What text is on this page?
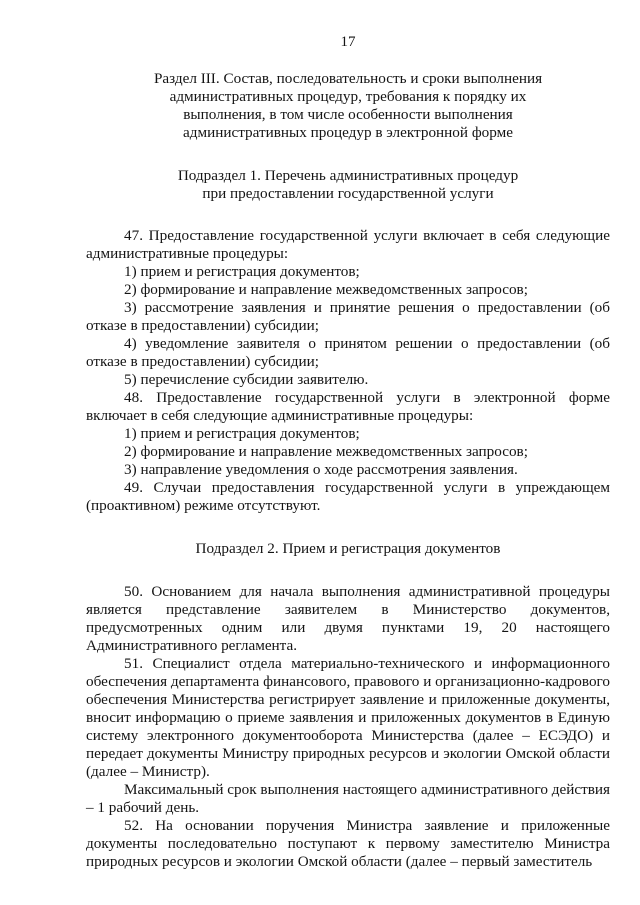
17
Раздел III. Состав, последовательность и сроки выполнения
административных процедур, требования к порядку их
выполнения, в том числе особенности выполнения
административных процедур в электронной форме
Подраздел 1. Перечень административных процедур
при предоставлении государственной услуги

47. Предоставление государственной услуги включает в себя следующие административные процедуры:

1) прием и регистрация документов;

2) формирование и направление межведомственных запросов;

3) рассмотрение заявления и принятие решения о предоставлении (об отказе в предоставлении) субсидии;

4) уведомление заявителя о принятом решении о предоставлении (об отказе в предоставлении) субсидии;

5) перечисление субсидии заявителю.

48. Предоставление государственной услуги в электронной форме включает в себя следующие административные процедуры:

1) прием и регистрация документов;

2) формирование и направление межведомственных запросов;

3) направление уведомления о ходе рассмотрения заявления.

49. Случаи предоставления государственной услуги в упреждающем (проактивном) режиме отсутствуют.

Подраздел 2. Прием и регистрация документов

50. Основанием для начала выполнения административной процедуры является представление заявителем в Министерство документов, предусмотренных одним или двумя пунктами 19, 20 настоящего Административного регламента.

51. Специалист отдела материально-технического и информационного обеспечения департамента финансового, правового и организационно-кадрового обеспечения Министерства регистрирует заявление и приложенные документы, вносит информацию о приеме заявления и приложенных документов в Единую систему электронного документооборота Министерства (далее – ЕСЭДО) и передает документы Министру природных ресурсов и экологии Омской области (далее – Министр).

Максимальный срок выполнения настоящего административного действия – 1 рабочий день.

52. На основании поручения Министра заявление и приложенные документы последовательно поступают к первому заместителю Министра природных ресурсов и экологии Омской области (далее – первый заместитель
